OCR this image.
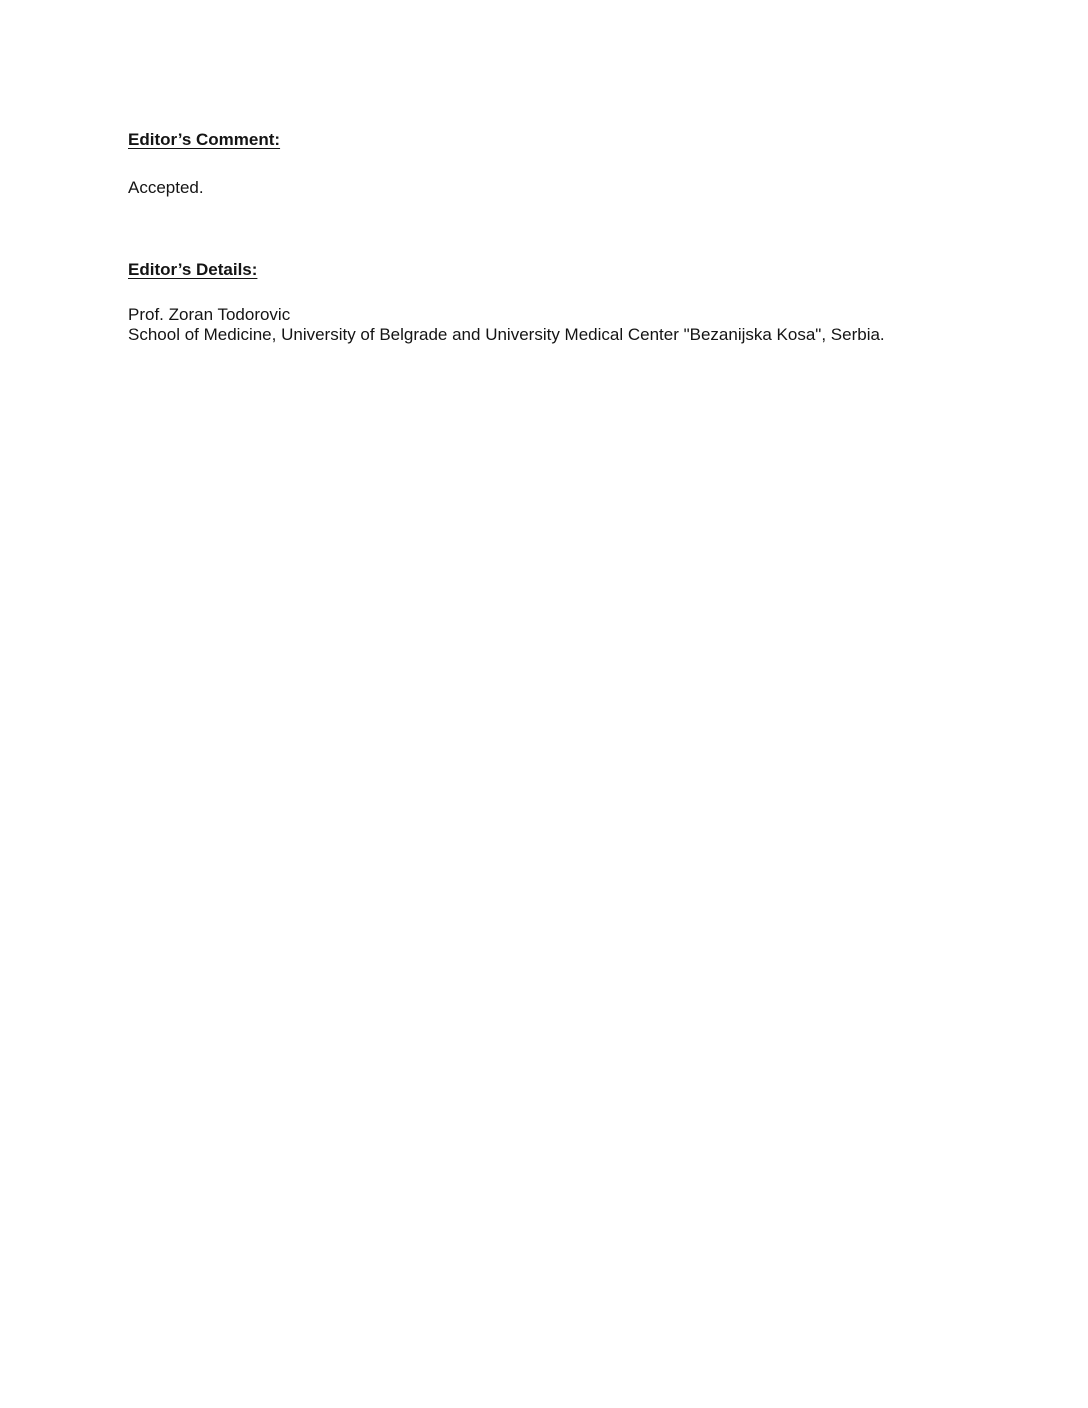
Editor’s Comment:
Accepted.
Editor’s Details:
Prof. Zoran Todorovic
School of Medicine, University of Belgrade and University Medical Center "Bezanijska Kosa", Serbia.
